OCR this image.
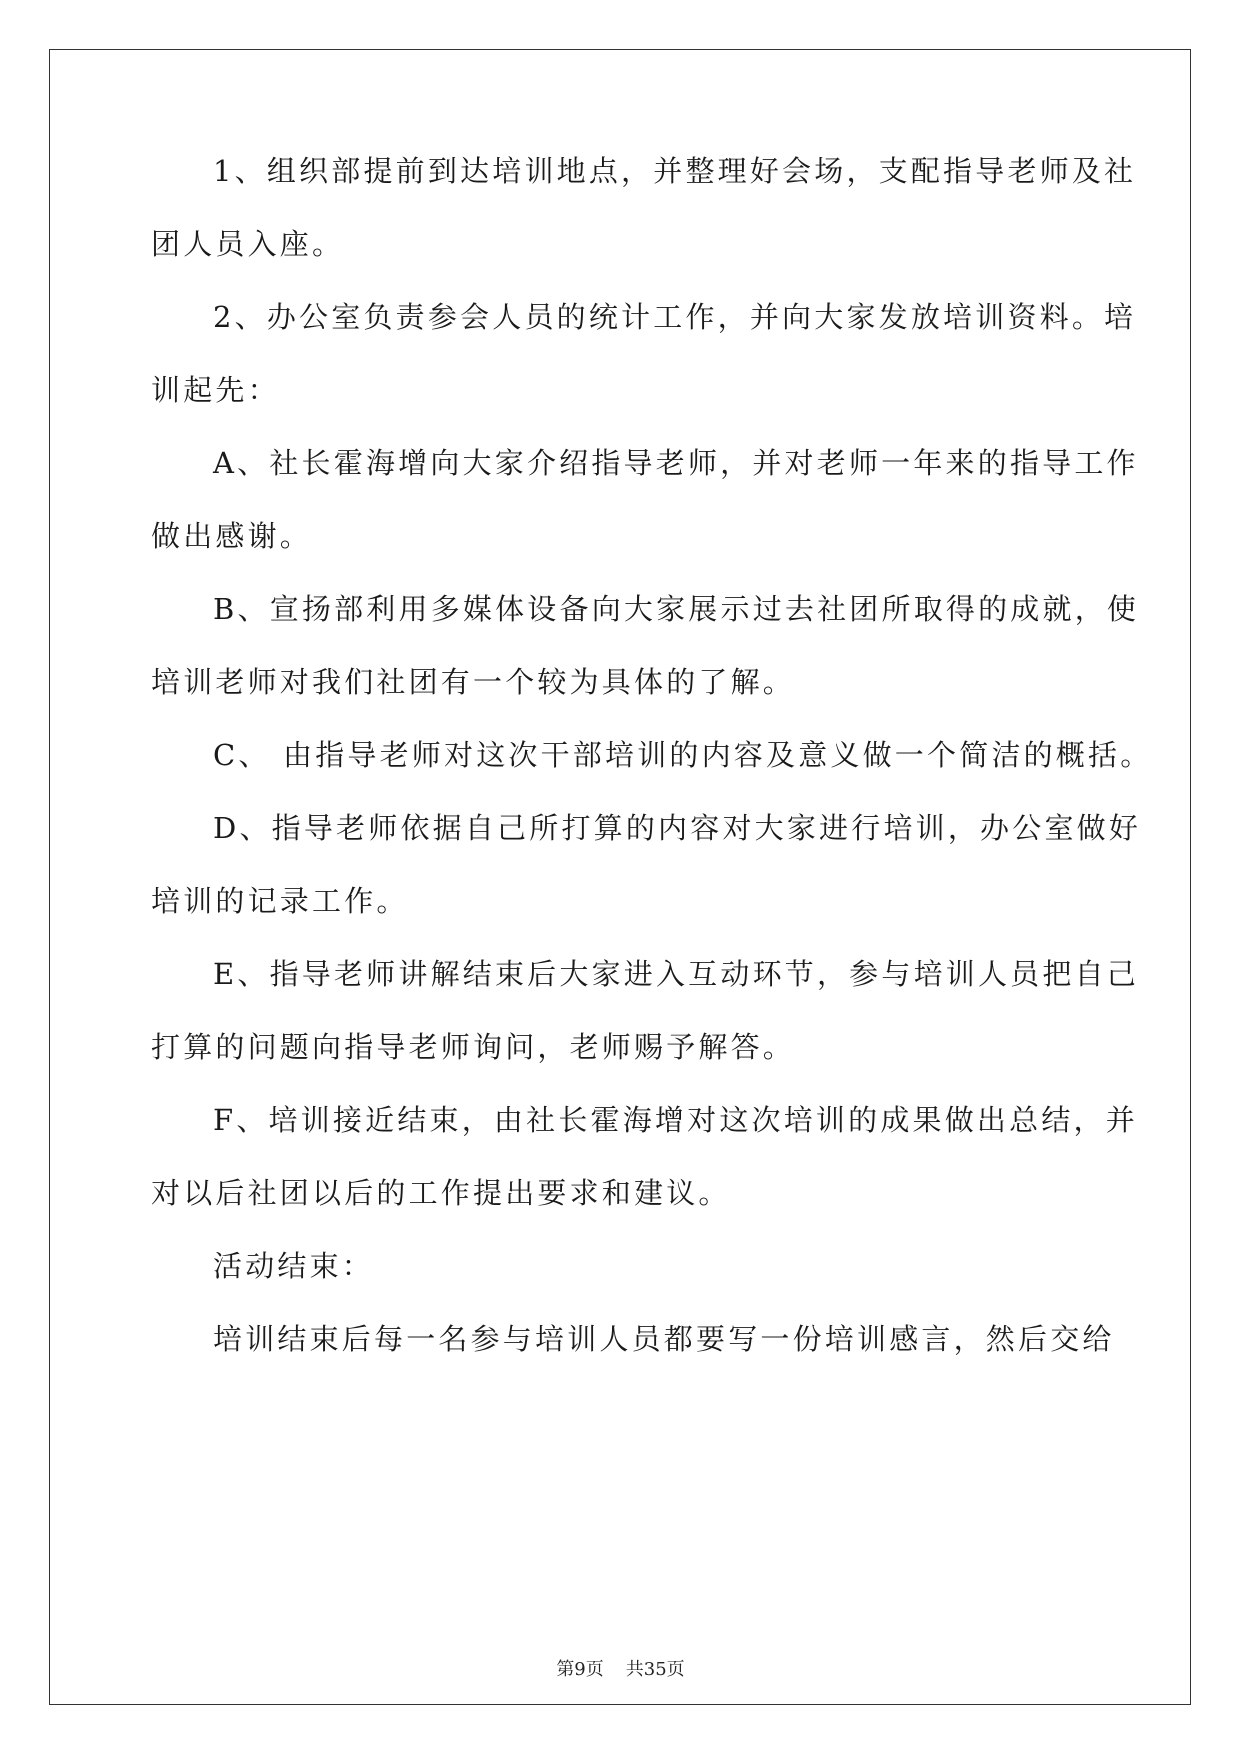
1、组织部提前到达培训地点，并整理好会场，支配指导老师及社
团人员入座。
2、办公室负责参会人员的统计工作，并向大家发放培训资料。培
训起先：
A、社长霍海增向大家介绍指导老师，并对老师一年来的指导工作
做出感谢。
B、宣扬部利用多媒体设备向大家展示过去社团所取得的成就，使
培训老师对我们社团有一个较为具体的了解。
C、 由指导老师对这次干部培训的内容及意义做一个简洁的概括。
D、指导老师依据自己所打算的内容对大家进行培训，办公室做好
培训的记录工作。
E、指导老师讲解结束后大家进入互动环节，参与培训人员把自己
打算的问题向指导老师询问，老师赐予解答。
F、培训接近结束，由社长霍海增对这次培训的成果做出总结，并
对以后社团以后的工作提出要求和建议。
活动结束：
培训结束后每一名参与培训人员都要写一份培训感言，然后交给
第9页 共35页
